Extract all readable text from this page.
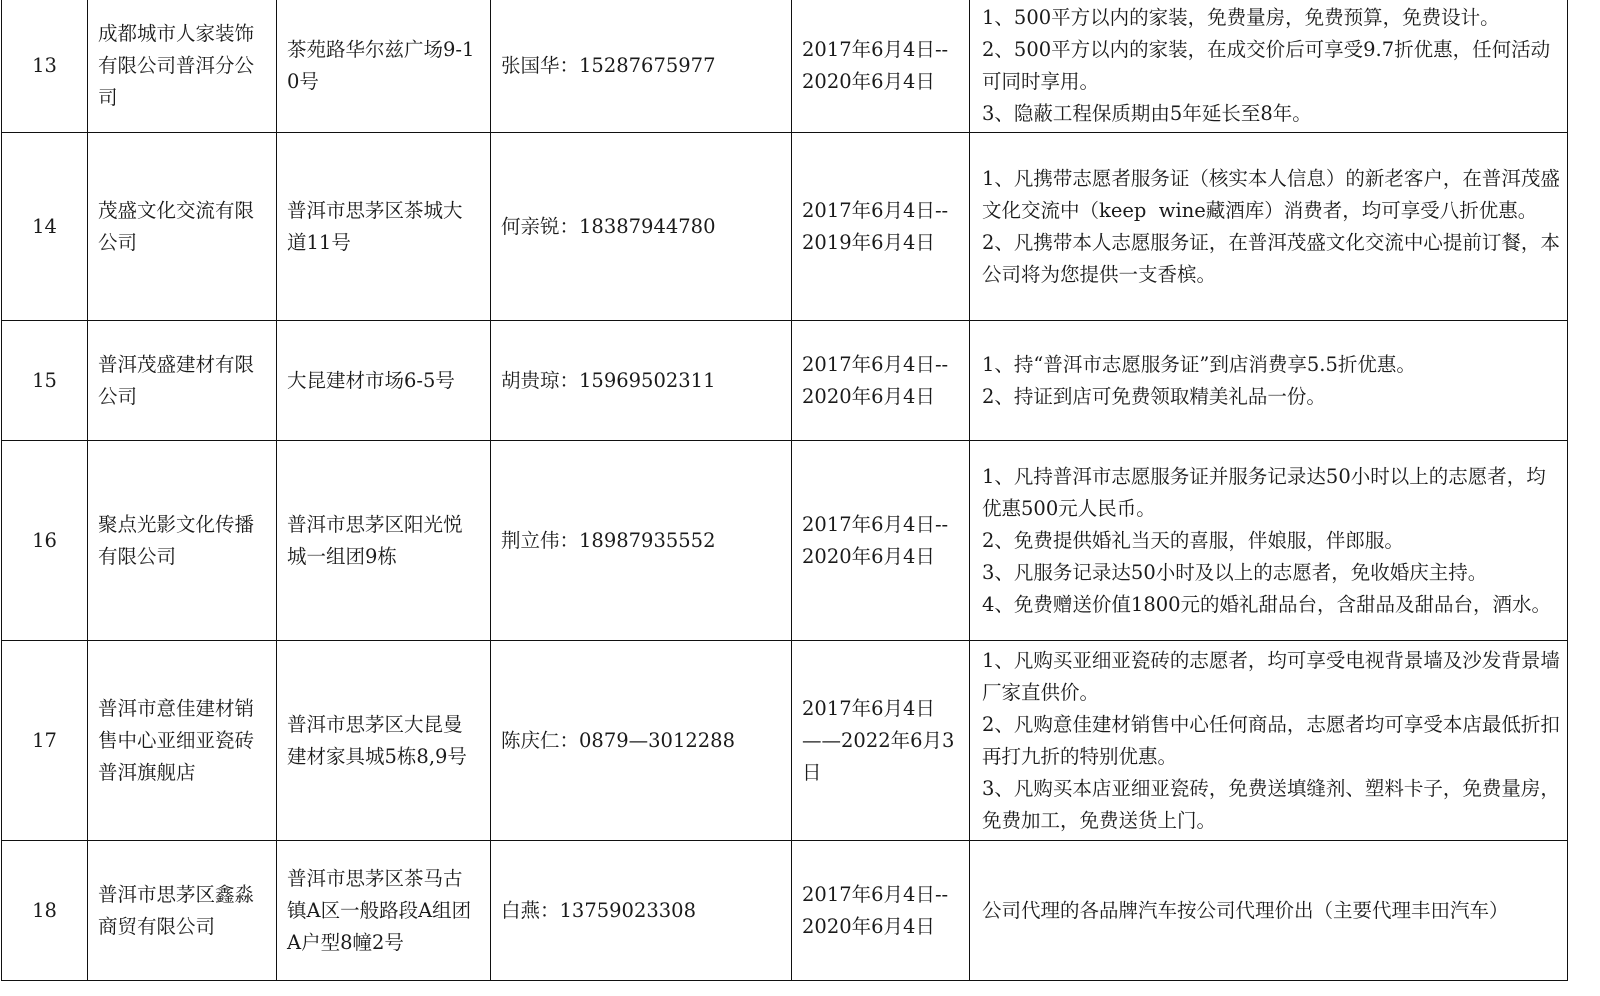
13	成都城市人家装饰有限公司普洱分公司	茶苑路华尔兹广场9-10号	张国华：15287675977	2017年6月4日--2020年6月4日	1、500平方以内的家装，免费量房，免费预算，免费设计。
2、500平方以内的家装，在成交价后可享受9.7折优惠，任何活动可同时享用。
3、隐蔽工程保质期由5年延长至8年。

14	茂盛文化交流有限公司	普洱市思茅区茶城大道11号	何亲锐：18387944780	2017年6月4日--2019年6月4日	1、凡携带志愿者服务证（核实本人信息）的新老客户，在普洱茂盛文化交流中（keep  wine藏酒库）消费者，均可享受八折优惠。
2、凡携带本人志愿服务证，在普洱茂盛文化交流中心提前订餐，本公司将为您提供一支香槟。

15	普洱茂盛建材有限公司	大昆建材市场6-5号	胡贵琼：15969502311	2017年6月4日--2020年6月4日	1、持“普洱市志愿服务证”到店消费享5.5折优惠。
2、持证到店可免费领取精美礼品一份。

16	聚点光影文化传播有限公司	普洱市思茅区阳光悦城一组团9栋	荆立伟：18987935552	2017年6月4日--2020年6月4日	1、凡持普洱市志愿服务证并服务记录达50小时以上的志愿者，均优惠500元人民币。
2、免费提供婚礼当天的喜服，伴娘服，伴郎服。
3、凡服务记录达50小时及以上的志愿者，免收婚庆主持。
4、免费赠送价值1800元的婚礼甜品台，含甜品及甜品台，酒水。

17	普洱市意佳建材销售中心亚细亚瓷砖普洱旗舰店	普洱市思茅区大昆曼建材家具城5栋8,9号	陈庆仁：0879—3012288	2017年6月4日——2022年6月3日	1、凡购买亚细亚瓷砖的志愿者，均可享受电视背景墙及沙发背景墙厂家直供价。
2、凡购意佳建材销售中心任何商品，志愿者均可享受本店最低折扣再打九折的特别优惠。
3、凡购买本店亚细亚瓷砖，免费送填缝剂、塑料卡子，免费量房，免费加工，免费送货上门。

18	普洱市思茅区鑫淼商贸有限公司	普洱市思茅区茶马古镇A区一般路段A组团A户型8幢2号	白燕：13759023308	2017年6月4日--2020年6月4日	公司代理的各品牌汽车按公司代理价出（主要代理丰田汽车）
